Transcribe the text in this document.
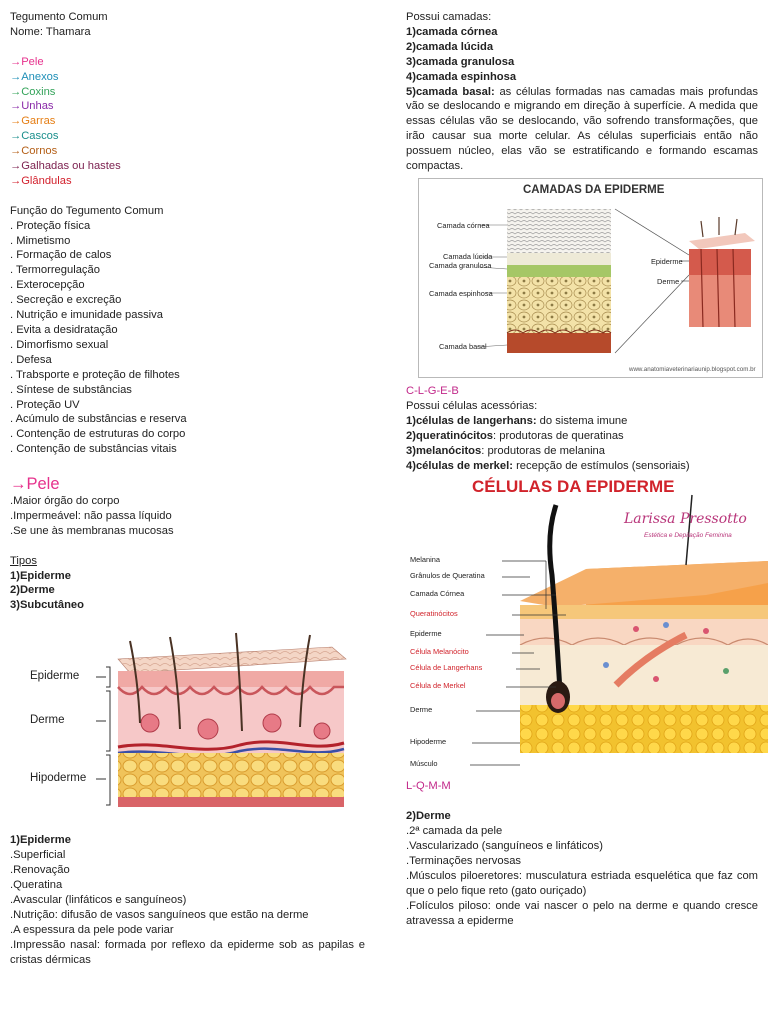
Tegumento Comum
Nome: Thamara
→Pele
→Anexos
→Coxins
→Unhas
→Garras
→Cascos
→Cornos
→Galhadas ou hastes
→Glândulas
Função do Tegumento Comum
. Proteção física
. Mimetismo
. Formação de calos
. Termorregulação
. Exterocepção
. Secreção e excreção
. Nutrição e imunidade passiva
. Evita a desidratação
. Dimorfismo sexual
. Defesa
. Trabsporte e proteção de filhotes
. Síntese de substâncias
. Proteção UV
. Acúmulo de substâncias e reserva
. Contenção de estruturas do corpo
. Contenção de substâncias vitais
→Pele
.Maior órgão do corpo
.Impermeável: não passa líquido
.Se une às membranas mucosas
Tipos
1)Epiderme
2)Derme
3)Subcutâneo
Epiderme
Derme
Hipoderme
1)Epiderme
.Superficial
.Renovação
.Queratina
.Avascular (linfáticos e sanguíneos)
.Nutrição: difusão de vasos sanguíneos que estão na derme
.A espessura da pele pode variar
.Impressão nasal: formada por reflexo da epiderme sob as papilas e cristas dérmicas
Possui camadas:
1)camada córnea
2)camada lúcida
3)camada granulosa
4)camada espinhosa
5)camada basal: as células formadas nas camadas mais profundas vão se deslocando e migrando em direção à superfície. A medida que essas células vão se deslocando, vão sofrendo transformações, que irão causar sua morte celular. As células superficiais então não possuem núcleo, elas vão se estratificando e formando escamas compactas.
CAMADAS DA EPIDERME
Camada córnea
Camada lúcida
Camada granulosa
Camada espinhosa
Camada basal
Epiderme
Derme
www.anatomiaveterinariaunip.blogspot.com.br
C-L-G-E-B
Possui células acessórias:
1)células de langerhans: do sistema imune
2)queratinócitos: produtoras de queratinas
3)melanócitos: produtoras de melanina
4)células de merkel: recepção de estímulos (sensoriais)
CÉLULAS DA EPIDERME
Larissa Pressotto
Estética e Depilação Feminina
Melanina
Grânulos de Queratina
Camada Córnea
Queratinócitos
Epiderme
Célula Melanócito
Célula de Langerhans
Célula de Merkel
Derme
Hipoderme
Músculo
L-Q-M-M
2)Derme
.2ª camada da pele
.Vascularizado (sanguíneos e linfáticos)
.Terminações nervosas
.Músculos piloeretores: musculatura estriada esquelética que faz com que o pelo fique reto (gato ouriçado)
.Folículos piloso: onde vai nascer o pelo na derme e quando cresce atravessa a epiderme
